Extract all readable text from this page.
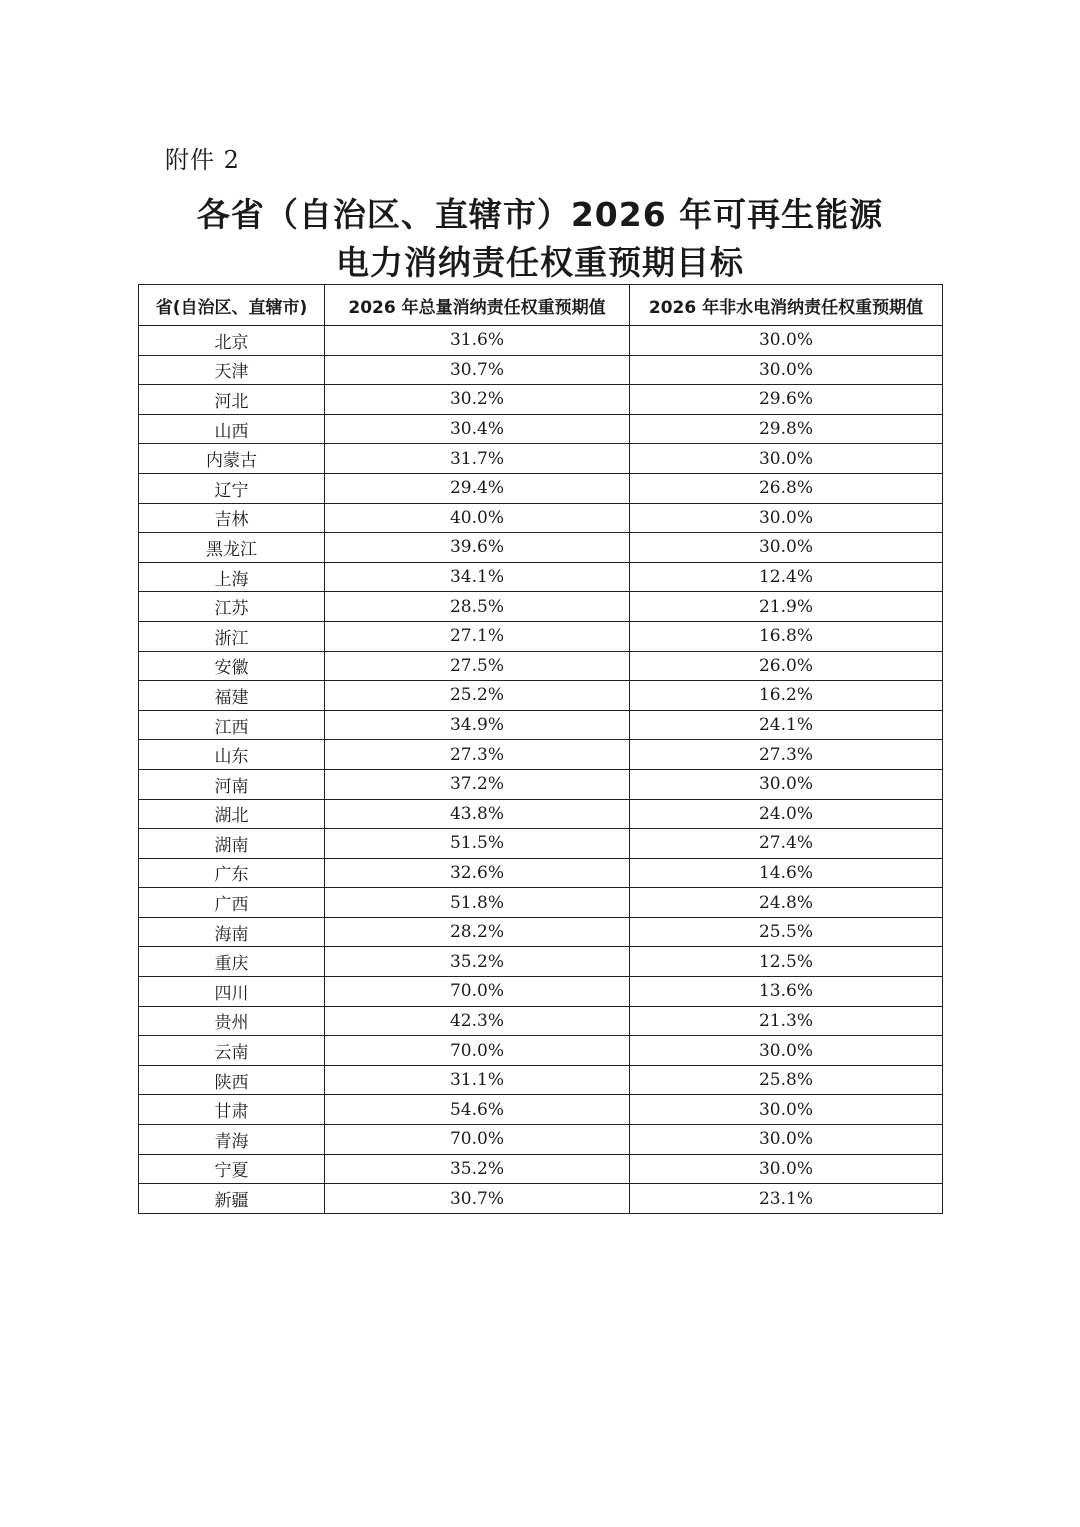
附件 2
各省（自治区、直辖市）2026 年可再生能源
电力消纳责任权重预期目标
省(自治区、直辖市)	2026 年总量消纳责任权重预期值	2026 年非水电消纳责任权重预期值
北京	31.6%	30.0%
天津	30.7%	30.0%
河北	30.2%	29.6%
山西	30.4%	29.8%
内蒙古	31.7%	30.0%
辽宁	29.4%	26.8%
吉林	40.0%	30.0%
黑龙江	39.6%	30.0%
上海	34.1%	12.4%
江苏	28.5%	21.9%
浙江	27.1%	16.8%
安徽	27.5%	26.0%
福建	25.2%	16.2%
江西	34.9%	24.1%
山东	27.3%	27.3%
河南	37.2%	30.0%
湖北	43.8%	24.0%
湖南	51.5%	27.4%
广东	32.6%	14.6%
广西	51.8%	24.8%
海南	28.2%	25.5%
重庆	35.2%	12.5%
四川	70.0%	13.6%
贵州	42.3%	21.3%
云南	70.0%	30.0%
陕西	31.1%	25.8%
甘肃	54.6%	30.0%
青海	70.0%	30.0%
宁夏	35.2%	30.0%
新疆	30.7%	23.1%
